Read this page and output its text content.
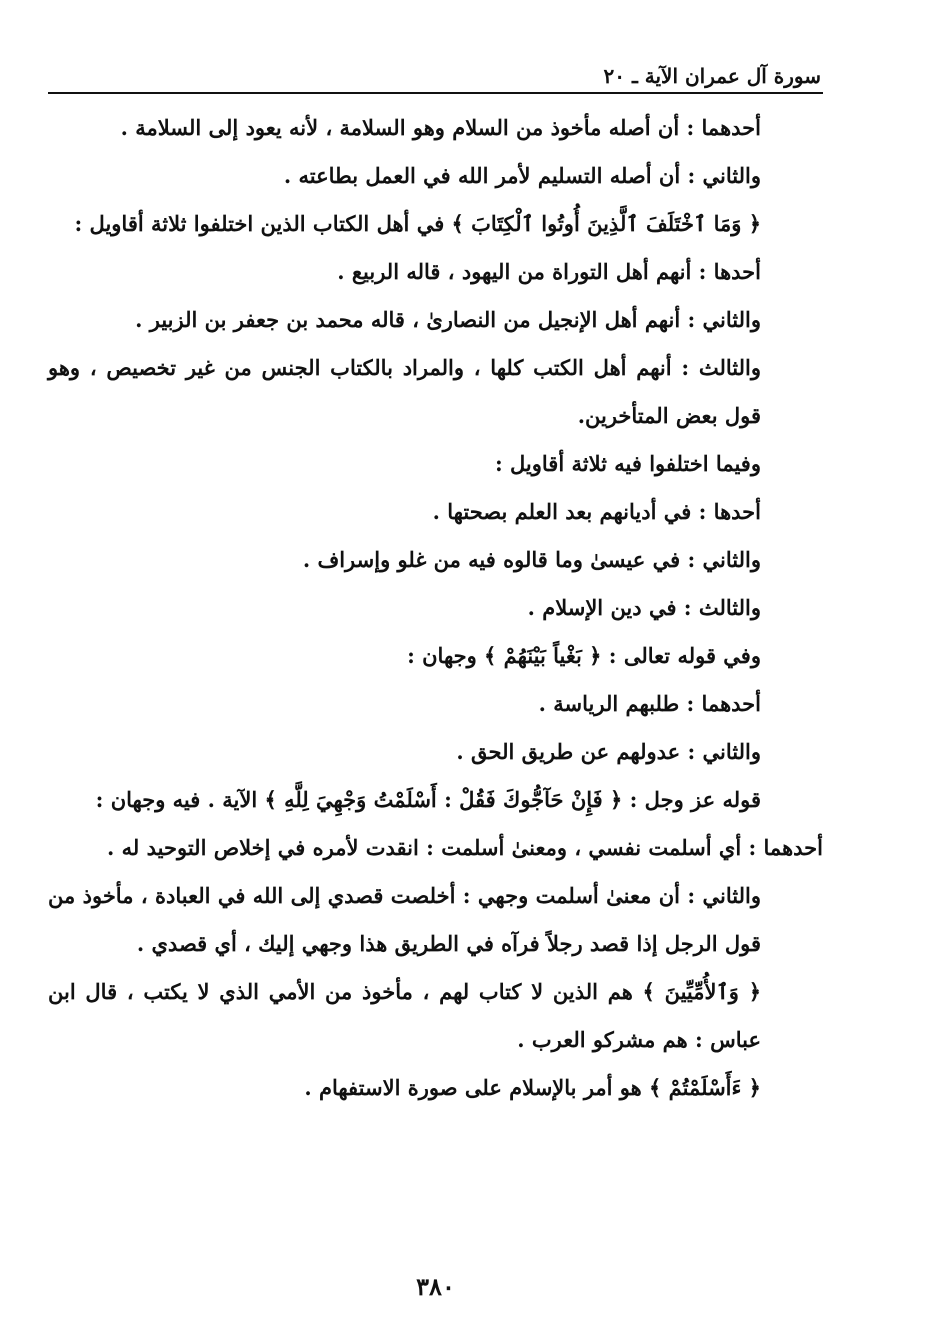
سورة آل عمران الآية ـ ٢٠

أحدهما : أن أصله مأخوذ من السلام وهو السلامة ، لأنه يعود إلى السلامة .

والثاني : أن أصله التسليم لأمر الله في العمل بطاعته .

﴿ وَمَا ٱخْتَلَفَ ٱلَّذِينَ أُوتُوا ٱلْكِتَابَ ﴾ في أهل الكتاب الذين اختلفوا ثلاثة أقاويل :

أحدها : أنهم أهل التوراة من اليهود ، قاله الربيع .

والثاني : أنهم أهل الإنجيل من النصارىٰ ، قاله محمد بن جعفر بن الزبير .

والثالث : أنهم أهل الكتب كلها ، والمراد بالكتاب الجنس من غير تخصيص ، وهو قول بعض المتأخرين.

وفيما اختلفوا فيه ثلاثة أقاويل :

أحدها : في أديانهم بعد العلم بصحتها .

والثاني : في عيسىٰ وما قالوه فيه من غلو وإسراف .

والثالث : في دين الإسلام .

وفي قوله تعالى : ﴿ بَغْياً بَيْنَهُمْ ﴾ وجهان :

أحدهما : طلبهم الرياسة .

والثاني : عدولهم عن طريق الحق .

قوله عز وجل : ﴿ فَإِنْ حَآجُّوكَ فَقُلْ : أَسْلَمْتُ وَجْهِيَ لِلَّهِ ﴾ الآية . فيه وجهان :

أحدهما : أي أسلمت نفسي ، ومعنىٰ أسلمت : انقدت لأمره في إخلاص التوحيد له .

والثاني : أن معنىٰ أسلمت وجهي : أخلصت قصدي إلى الله في العبادة ، مأخوذ من قول الرجل إذا قصد رجلاً فرآه في الطريق هذا وجهي إليك ، أي قصدي .

﴿ وَٱلأُمِّيِّينَ ﴾ هم الذين لا كتاب لهم ، مأخوذ من الأمي الذي لا يكتب ، قال ابن عباس : هم مشركو العرب .

﴿ ءَأَسْلَمْتُمْ ﴾ هو أمر بالإسلام على صورة الاستفهام .

٣٨٠
